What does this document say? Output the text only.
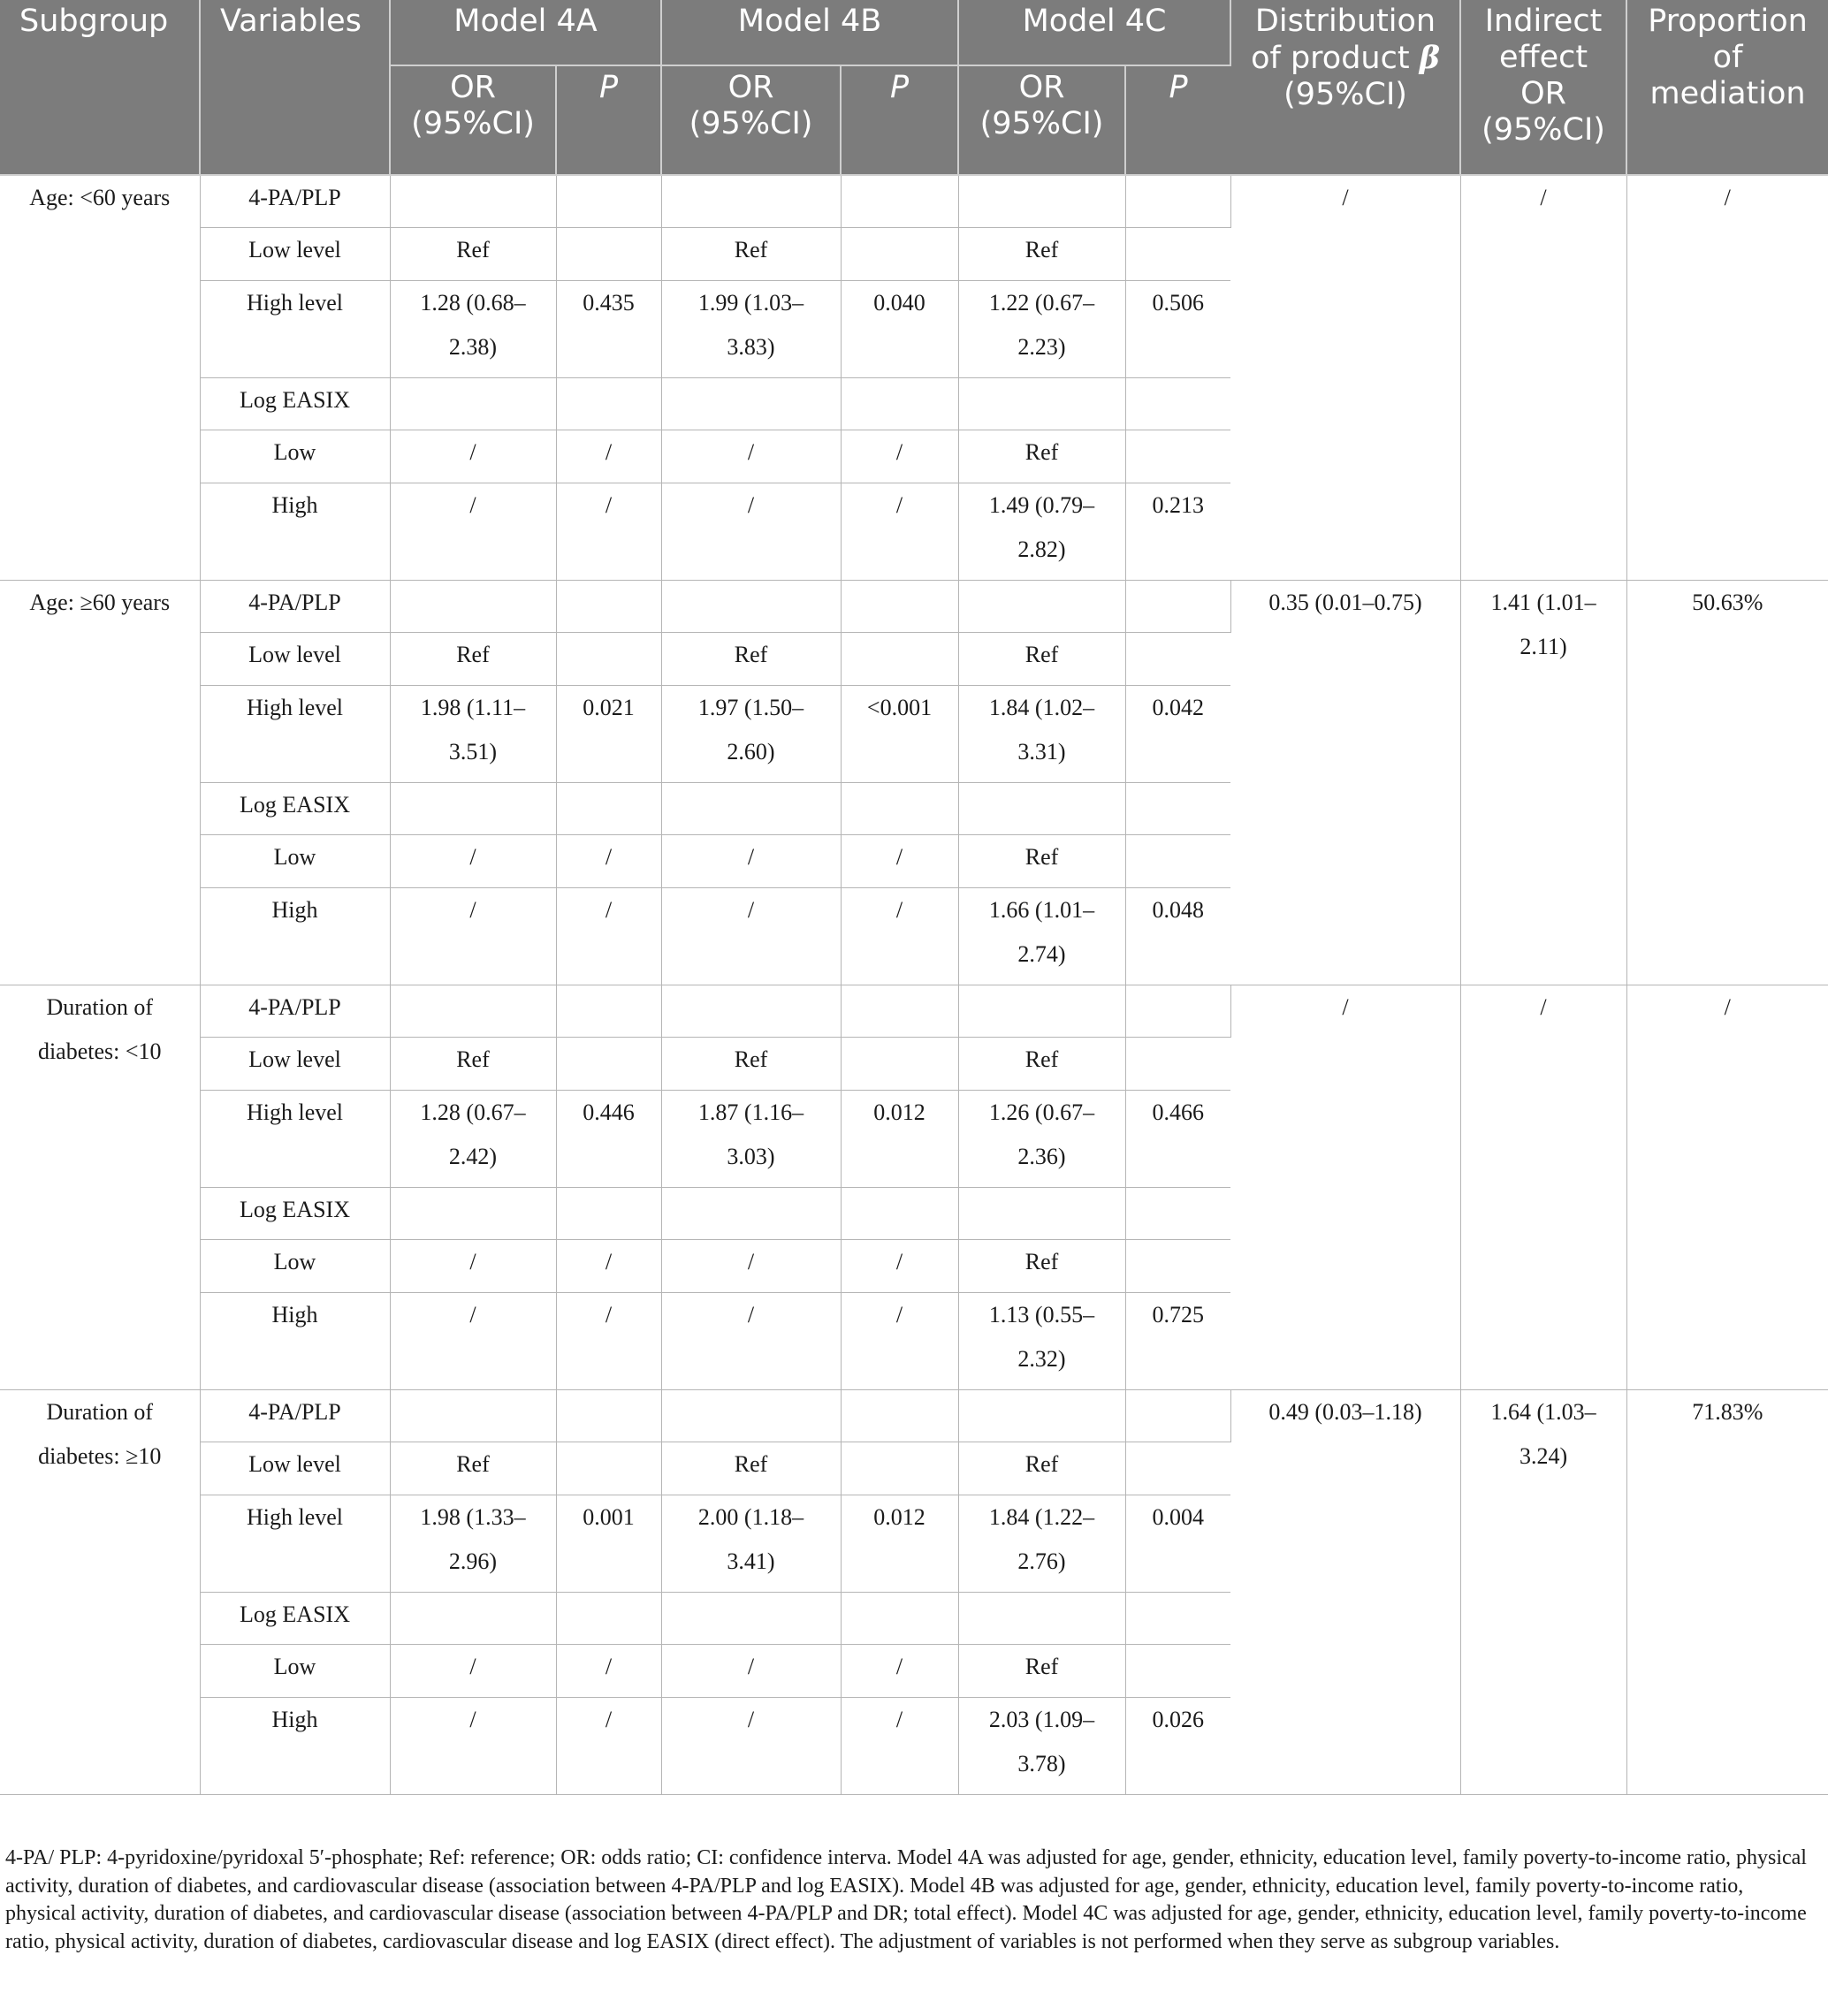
Subgroup	Variables	Model 4A		Model 4B		Model 4C		Distribution
of product β
(95%CI)	Indirect
effect
OR
(95%CI)	Proportion
of
mediation

		OR
(95%CI)	P	OR
(95%CI)	P	OR
(95%CI)	P			
Age: <60 years	4-PA/PLP							/	/	/
	Low level	Ref		Ref		Ref				
	High level	1.28 (0.68–
2.38)	0.435	1.99 (1.03–
3.83)	0.040	1.22 (0.67–
2.23)	0.506			
	Log EASIX									
	Low	/	/	/	/	Ref				
	High	/	/	/	/	1.49 (0.79–
2.82)	0.213			
Age: ≥60 years	4-PA/PLP							0.35 (0.01–0.75)	1.41 (1.01–
2.11)	50.63%
	Low level	Ref		Ref		Ref				
	High level	1.98 (1.11–
3.51)	0.021	1.97 (1.50–
2.60)	<0.001	1.84 (1.02–
3.31)	0.042			
	Log EASIX									
	Low	/	/	/	/	Ref				
	High	/	/	/	/	1.66 (1.01–
2.74)	0.048			

Duration of
diabetes: <10	4-PA/PLP							/	/	/
	Low level	Ref		Ref		Ref				
	High level	1.28 (0.67–
2.42)	0.446	1.87 (1.16–
3.03)	0.012	1.26 (0.67–
2.36)	0.466			
	Log EASIX									
	Low	/	/	/	/	Ref				
	High	/	/	/	/	1.13 (0.55–
2.32)	0.725			

Duration of
diabetes: ≥10	4-PA/PLP							0.49 (0.03–1.18)	1.64 (1.03–
3.24)	71.83%
	Low level	Ref		Ref		Ref				
	High level	1.98 (1.33–
2.96)	0.001	2.00 (1.18–
3.41)	0.012	1.84 (1.22–
2.76)	0.004			
	Log EASIX									
	Low	/	/	/	/	Ref				
	High	/	/	/	/	2.03 (1.09–
3.78)	0.026			
4-PA/ PLP: 4-pyridoxine/pyridoxal 5′-phosphate; Ref: reference; OR: odds ratio; CI: confidence interva. Model 4A was adjusted for age, gender, ethnicity, education level, family poverty-to-income ratio, physical activity, duration of diabetes, and cardiovascular disease (association between 4-PA/PLP and log EASIX). Model 4B was adjusted for age, gender, ethnicity, education level, family poverty-to-income ratio, physical activity, duration of diabetes, and cardiovascular disease (association between 4-PA/PLP and DR; total effect). Model 4C was adjusted for age, gender, ethnicity, education level, family poverty-to-income ratio, physical activity, duration of diabetes, cardiovascular disease and log EASIX (direct effect). The adjustment of variables is not performed when they serve as subgroup variables.
